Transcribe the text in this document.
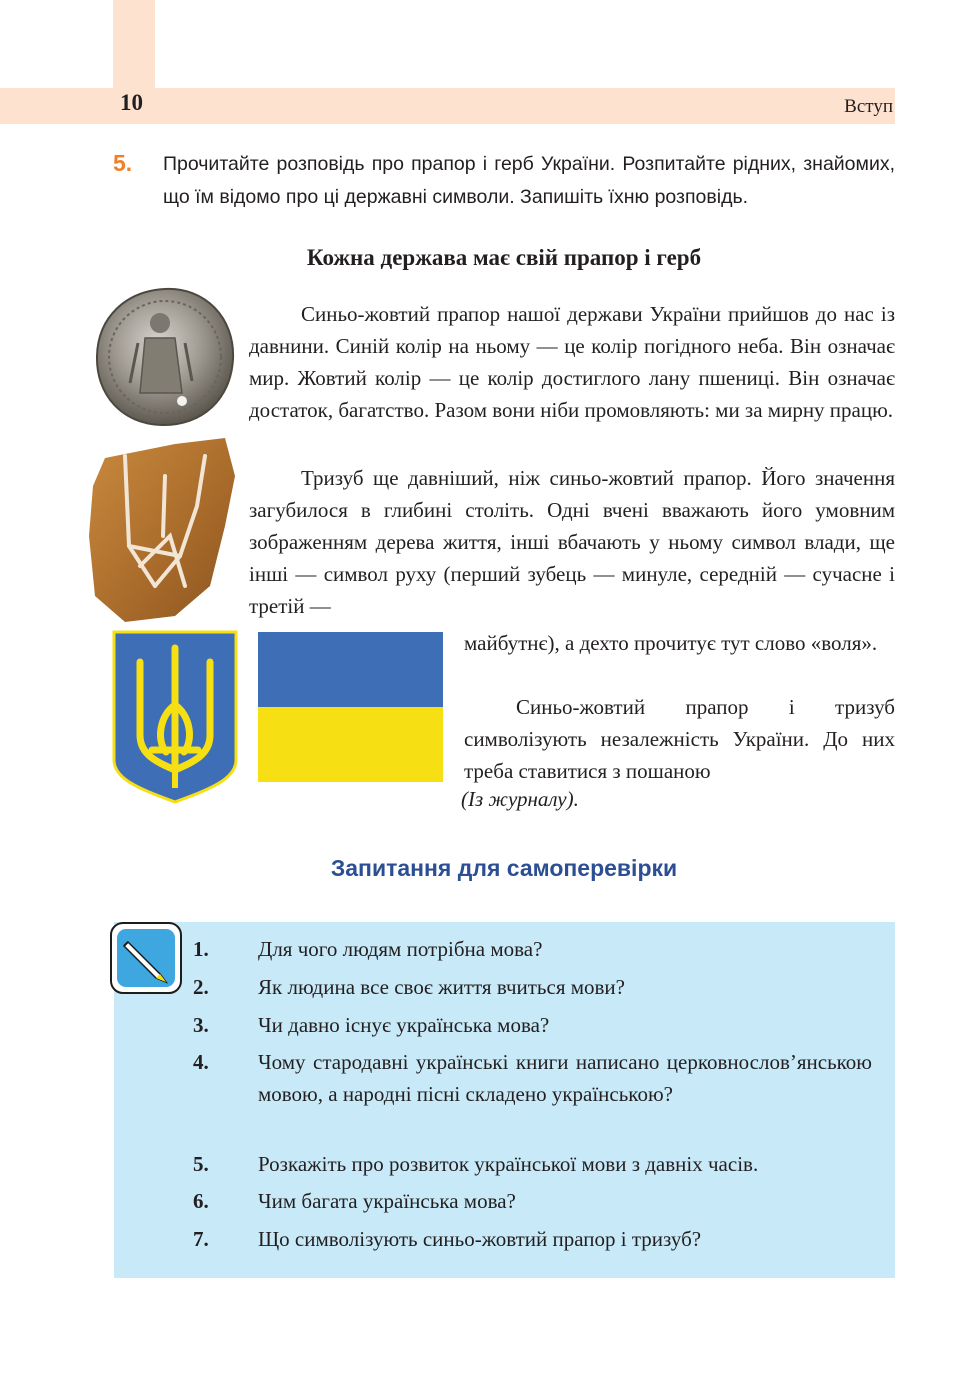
10	Вступ
5. Прочитайте розповідь про прапор і герб України. Розпитайте рідних, знайомих, що їм відомо про ці державні символи. Запишіть їхню розповідь.
Кожна держава має свій прапор і герб

Синьо-жовтий прапор нашої держави України прийшов до нас із давнини. Синій колір на ньому — це колір погідного неба. Він означає мир. Жовтий колір — це колір достиглого лану пшениці. Він означає достаток, багатство. Разом вони ніби промовляють: ми за мирну працю.

Тризуб ще давніший, ніж синьо-жовтий прапор. Його значення загубилося в глибині століть. Одні вчені вважають його умовним зображенням дерева життя, інші вбачають у ньому символ влади, ще інші — символ руху (перший зубець — минуле, середній — сучасне і третій —

майбутнє), а дехто прочитує тут слово «воля».

Синьо-жовтий прапор і тризуб символізують незалежність України. До них треба ставитися з пошаною

(Із журналу).
Запитання для самоперевірки
1. Для чого людям потрібна мова?
2. Як людина все своє життя вчиться мови?
3. Чи давно існує українська мова?
4. Чому стародавні українські книги написано церковнослов’янською мовою, а народні пісні складено українською?
5. Розкажіть про розвиток української мови з давніх часів.
6. Чим багата українська мова?
7. Що символізують синьо-жовтий прапор і тризуб?
